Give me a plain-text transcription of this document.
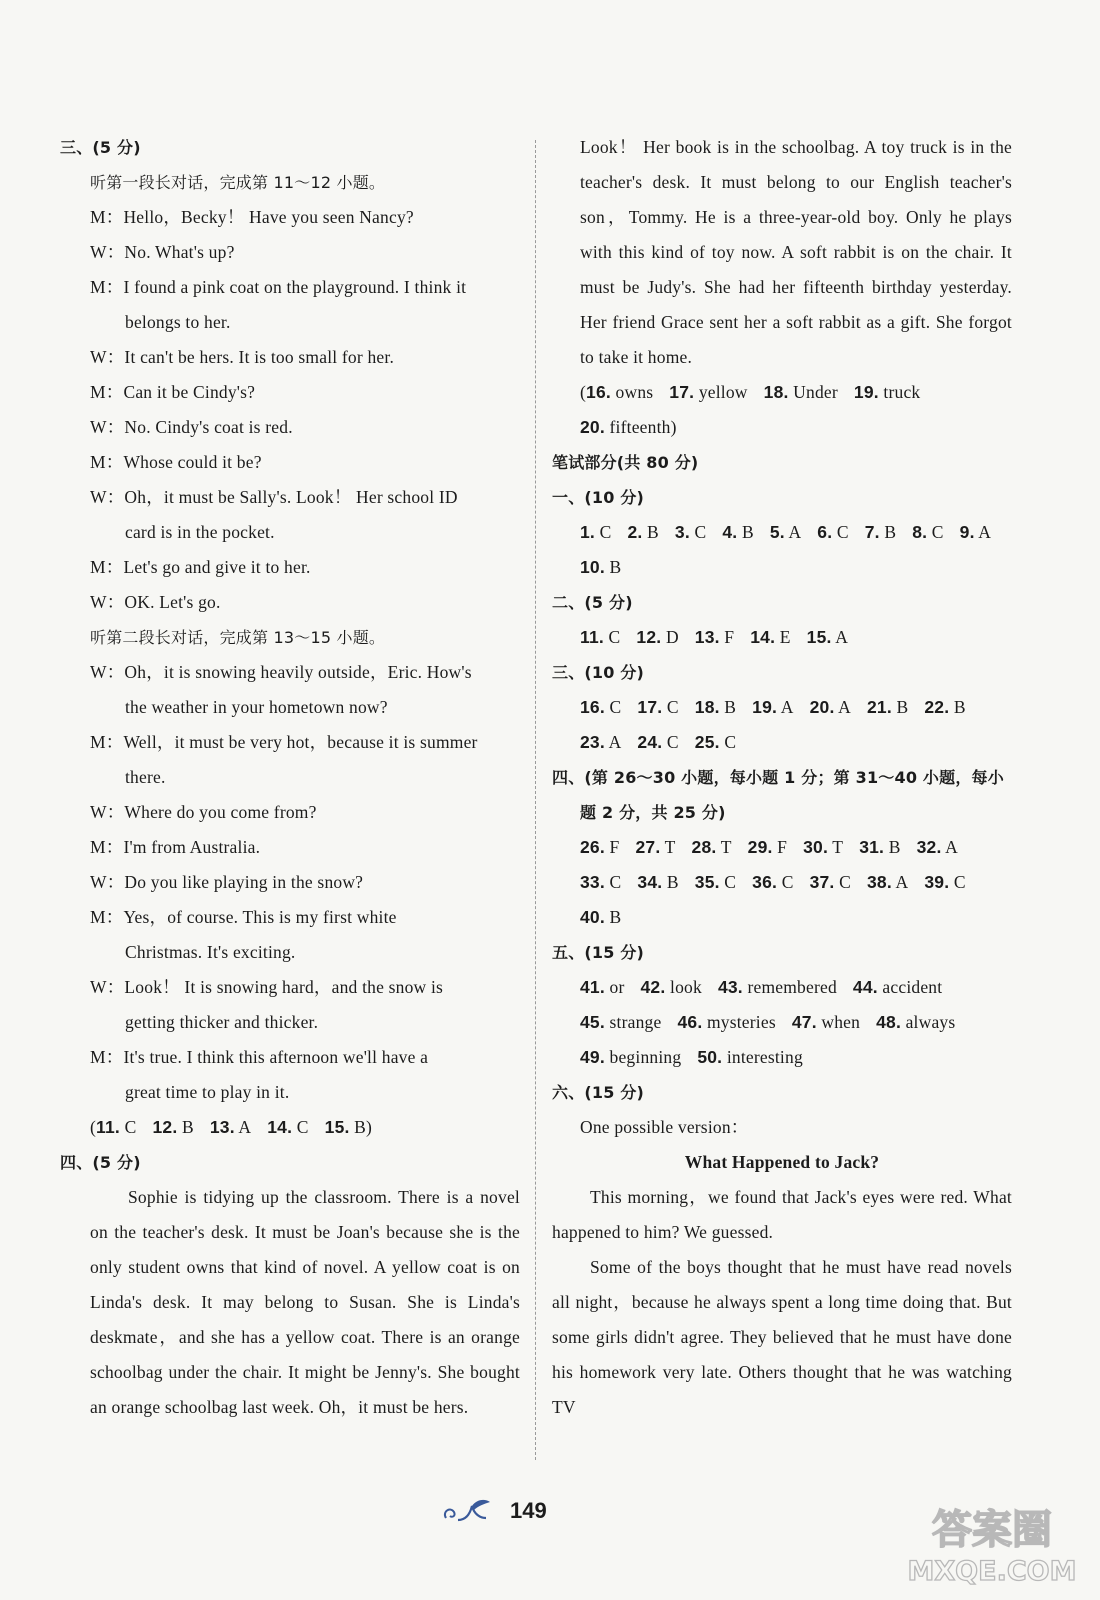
三、(5 分)
听第一段长对话，完成第 11～12 小题。
M：Hello，Becky！ Have you seen Nancy?
W：No. What's up?
M：I found a pink coat on the playground. I think it
belongs to her.
W：It can't be hers. It is too small for her.
M：Can it be Cindy's?
W：No. Cindy's coat is red.
M：Whose could it be?
W：Oh，it must be Sally's. Look！ Her school ID
card is in the pocket.
M：Let's go and give it to her.
W：OK. Let's go.
听第二段长对话，完成第 13～15 小题。
W：Oh，it is snowing heavily outside，Eric. How's
the weather in your hometown now?
M：Well，it must be very hot，because it is summer
there.
W：Where do you come from?
M：I'm from Australia.
W：Do you like playing in the snow?
M：Yes，of course. This is my first white
Christmas. It's exciting.
W：Look！ It is snowing hard，and the snow is
getting thicker and thicker.
M：It's true. I think this afternoon we'll have a
great time to play in it.
(11. C 12. B 13. A 14. C 15. B)
四、(5 分)
Sophie is tidying up the classroom. There is a novel on the teacher's desk. It must be Joan's because she is the only student owns that kind of novel. A yellow coat is on Linda's desk. It may belong to Susan. She is Linda's deskmate，and she has a yellow coat. There is an orange schoolbag under the chair. It might be Jenny's. She bought an orange schoolbag last week. Oh，it must be hers.
Look！ Her book is in the schoolbag. A toy truck is in the teacher's desk. It must belong to our English teacher's son，Tommy. He is a three-year-old boy. Only he plays with this kind of toy now. A soft rabbit is on the chair. It must be Judy's. She had her fifteenth birthday yesterday. Her friend Grace sent her a soft rabbit as a gift. She forgot to take it home.
(16. owns 17. yellow 18. Under 19. truck20. fifteenth)
笔试部分(共 80 分)
一、(10 分)
1. C 2. B 3. C 4. B 5. A 6. C 7. B 8. C 9. A10. B
二、(5 分)
11. C 12. D 13. F 14. E 15. A
三、(10 分)
16. C 17. C 18. B 19. A 20. A 21. B 22. B23. A 24. C 25. C
四、(第 26～30 小题，每小题 1 分；第 31～40 小题，每小
题 2 分，共 25 分)
26. F 27. T 28. T 29. F 30. T 31. B 32. A33. C 34. B 35. C 36. C 37. C 38. A 39. C40. B
五、(15 分)
41. or 42. look 43. remembered 44. accident45. strange 46. mysteries 47. when 48. always49. beginning 50. interesting
六、(15 分)
One possible version：
What Happened to Jack?
This morning，we found that Jack's eyes were red. What happened to him? We guessed.
Some of the boys thought that he must have read novels all night，because he always spent a long time doing that. But some girls didn't agree. They believed that he must have done his homework very late. Others thought that he was watching TV
149	答案圈
MXQE.COM
